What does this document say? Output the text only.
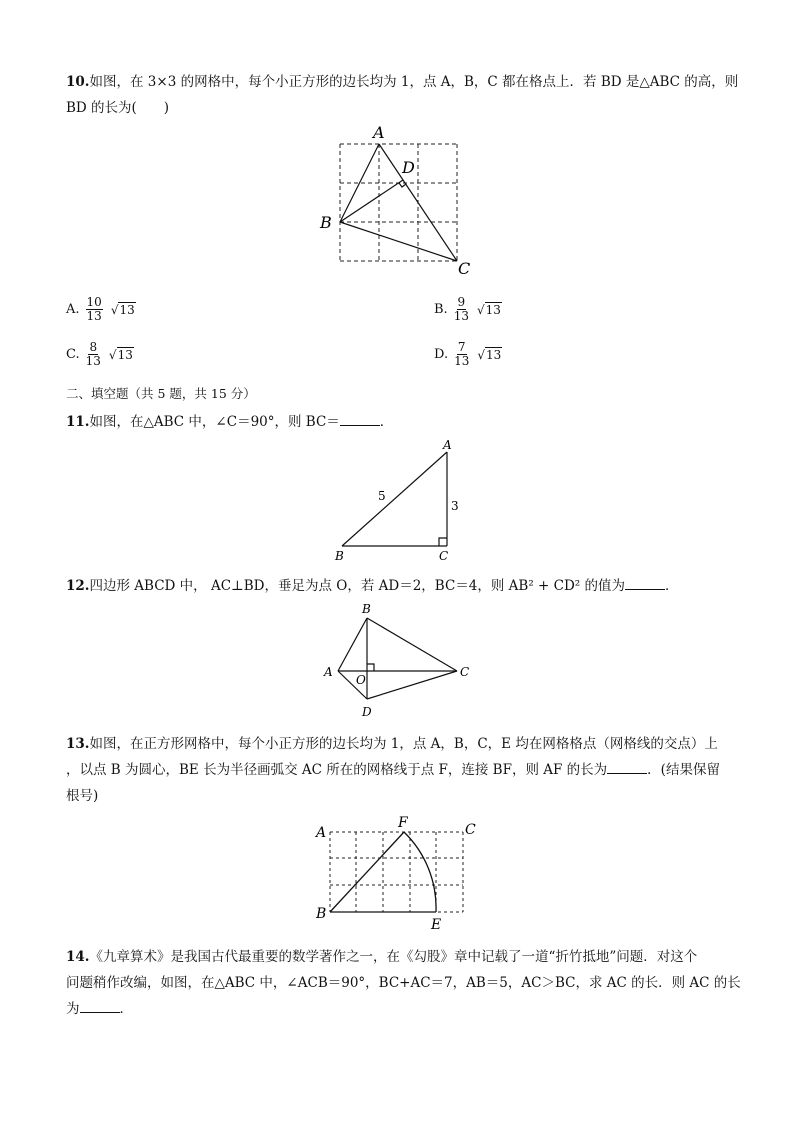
10.如图，在 3×3 的网格中，每个小正方形的边长均为 1，点 A，B，C 都在格点上．若 BD 是△ABC 的高，则
BD 的长为(　　)
A
B
C
D
A. $\frac{10}{13} √13$	B. $\frac{9}{13} √13$
C. $\frac{8}{13} √13$	D. $\frac{7}{13} √13$
二、填空题（共 5 题，共 15 分）
11.如图，在△ABC 中，∠C＝90°，则 BC＝	．
A
B	C
5
3
12.四边形 ABCD 中， AC⊥BD，垂足为点 O，若 AD＝2，BC＝4，则 AB² + CD² 的值为	．
B
A	C
D
O
13.如图，在正方形网格中，每个小正方形的边长均为 1，点 A，B，C，E 均在网格格点（网格线的交点）上
，以点 B 为圆心，BE 长为半径画弧交 AC 所在的网格线于点 F，连接 BF，则 AF 的长为	．(结果保留
根号)
A
F	C
B
E
14.《九章算术》是我国古代最重要的数学著作之一，在《勾股》章中记载了一道“折竹抵地”问题．对这个
问题稍作改编，如图，在△ABC 中，∠ACB＝90°，BC+AC＝7，AB＝5，AC＞BC，求 AC 的长．则 AC 的长
为	．
